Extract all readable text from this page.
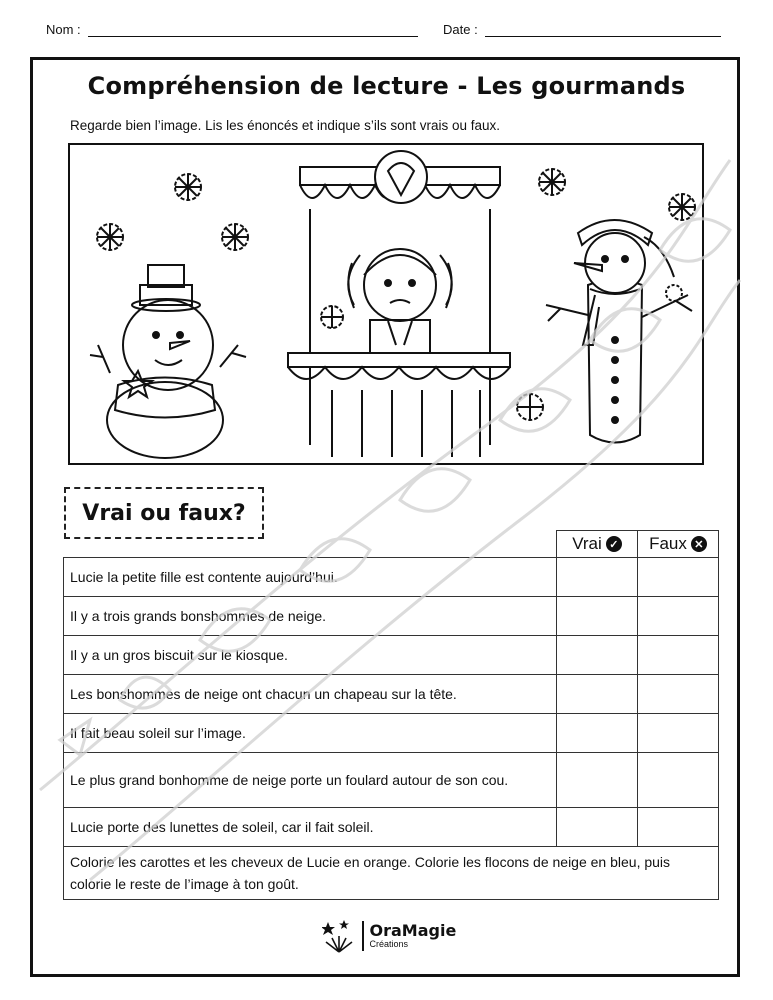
Nom :	Date :
Compréhension de lecture - Les gourmands
Regarde bien l’image. Lis les énoncés et indique s’ils sont vrais ou faux.
Vrai ou faux?

	Vrai ✓	Faux ✕

Lucie la petite fille est contente aujourd’hui.		
Il y a trois grands bonshommes de neige.		
Il y a un gros biscuit sur le kiosque.		
Les bonshommes de neige ont chacun un chapeau sur la tête.		
Il fait beau soleil sur l’image.		
Le plus grand bonhomme de neige porte un foulard autour de son cou.		
Lucie porte des lunettes de soleil, car il fait soleil.		
Colorie les carottes et les cheveux de Lucie en orange. Colorie les flocons de neige en bleu, puis colorie le reste de l’image à ton goût.		
OraMagie
Créations
